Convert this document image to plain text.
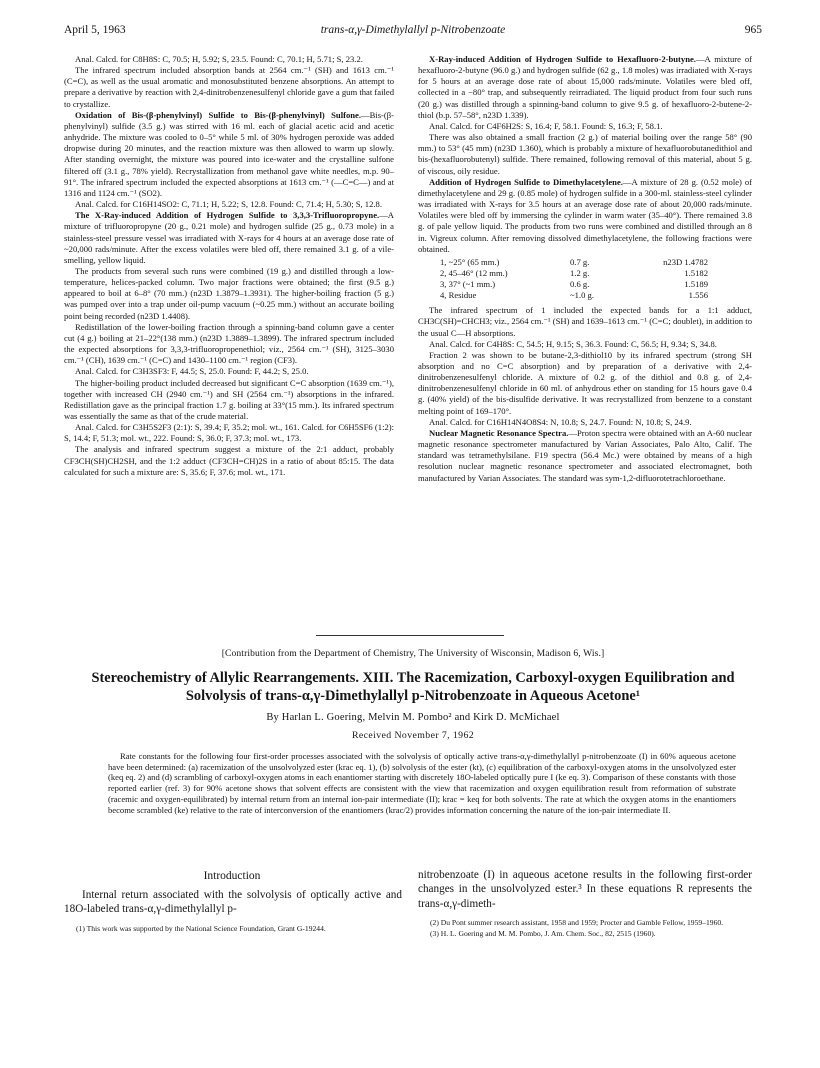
April 5, 1963	trans-α,γ-Dimethylallyl p-Nitrobenzoate	965

Anal. Calcd. for C8H8S: C, 70.5; H, 5.92; S, 23.5. Found: C, 70.1; H, 5.71; S, 23.2.

The infrared spectrum included absorption bands at 2564 cm.⁻¹ (SH) and 1613 cm.⁻¹ (C=C), as well as the usual aromatic and monosubstituted benzene absorptions. An attempt to prepare a derivative by reaction with 2,4-dinitrobenzenesulfenyl chloride gave a gum that failed to crystallize.

Oxidation of Bis-(β-phenylvinyl) Sulfide to Bis-(β-phenylvinyl) Sulfone.—Bis-(β-phenylvinyl) sulfide (3.5 g.) was stirred with 16 ml. each of glacial acetic acid and acetic anhydride. The mixture was cooled to 0–5° while 5 ml. of 30% hydrogen peroxide was added dropwise during 20 minutes, and the reaction mixture was then allowed to warm up slowly. After standing overnight, the mixture was poured into ice-water and the crystalline sulfone filtered off (3.1 g., 78% yield). Recrystallization from methanol gave white needles, m.p. 90–91°. The infrared spectrum included the expected absorptions at 1613 cm.⁻¹ (—C=C—) and at 1316 and 1124 cm.⁻¹ (SO2).

Anal. Calcd. for C16H14SO2: C, 71.1; H, 5.22; S, 12.8. Found: C, 71.4; H, 5.30; S, 12.8.

The X-Ray-induced Addition of Hydrogen Sulfide to 3,3,3-Trifluoropropyne.—A mixture of trifluoropropyne (20 g., 0.21 mole) and hydrogen sulfide (25 g., 0.73 mole) in a stainless-steel pressure vessel was irradiated with X-rays for 4 hours at an average dose rate of ~20,000 rads/minute. After the excess volatiles were bled off, there remained 3.1 g. of a vile-smelling, yellow liquid.

The products from several such runs were combined (19 g.) and distilled through a low-temperature, helices-packed column. Two major fractions were obtained; the first (9.5 g.) appeared to boil at 6–8° (70 mm.) (n23D 1.3879–1.3931). The higher-boiling fraction (5 g.) was pumped over into a trap under oil-pump vacuum (~0.25 mm.) without an accurate boiling point being recorded (n23D 1.4408).

Redistillation of the lower-boiling fraction through a spinning-band column gave a center cut (4 g.) boiling at 21–22°(138 mm.) (n23D 1.3889–1.3899). The infrared spectrum included the expected absorptions for 3,3,3-trifluoropropenethiol; viz., 2564 cm.⁻¹ (SH), 3125–3030 cm.⁻¹ (CH), 1639 cm.⁻¹ (C=C) and 1430–1100 cm.⁻¹ region (CF3).

Anal. Calcd. for C3H3SF3: F, 44.5; S, 25.0. Found: F, 44.2; S, 25.0.

The higher-boiling product included decreased but significant C=C absorption (1639 cm.⁻¹), together with increased CH (2940 cm.⁻¹) and SH (2564 cm.⁻¹) absorptions in the infrared. Redistillation gave as the principal fraction 1.7 g. boiling at 33°(15 mm.). Its infrared spectrum was essentially the same as that of the crude material.

Anal. Calcd. for C3H5S2F3 (2:1): S, 39.4; F, 35.2; mol. wt., 161. Calcd. for C6H5SF6 (1:2): S, 14.4; F, 51.3; mol. wt., 222. Found: S, 36.0; F, 37.3; mol. wt., 173.

The analysis and infrared spectrum suggest a mixture of the 2:1 adduct, probably CF3CH(SH)CH2SH, and the 1:2 adduct (CF3CH=CH)2S in a ratio of about 85:15. The data calculated for such a mixture are: S, 35.6; F, 37.6; mol. wt., 171.

X-Ray-induced Addition of Hydrogen Sulfide to Hexafluoro-2-butyne.—A mixture of hexafluoro-2-butyne (96.0 g.) and hydrogen sulfide (62 g., 1.8 moles) was irradiated with X-rays for 5 hours at an average dose rate of about 15,000 rads/minute. Volatiles were bled off, collected in a −80° trap, and subsequently reirradiated. The liquid product from four such runs (20 g.) was distilled through a spinning-band column to give 9.5 g. of hexafluoro-2-butene-2-thiol (b.p. 57–58°, n23D 1.339).

Anal. Calcd. for C4F6H2S: S, 16.4; F, 58.1. Found: S, 16.3; F, 58.1.

There was also obtained a small fraction (2 g.) of material boiling over the range 58° (90 mm.) to 53° (45 mm) (n23D 1.360), which is probably a mixture of hexafluorobutanedithiol and bis-(hexafluorobutenyl) sulfide. There remained, following removal of this material, about 5 g. of viscous, oily residue.

Addition of Hydrogen Sulfide to Dimethylacetylene.—A mixture of 28 g. (0.52 mole) of dimethylacetylene and 29 g. (0.85 mole) of hydrogen sulfide in a 300-ml. stainless-steel cylinder was irradiated with X-rays for 3.5 hours at an average dose rate of about 20,000 rads/minute. Volatiles were bled off by immersing the cylinder in warm water (35–40°). There remained 3.8 g. of pale yellow liquid. The products from two runs were combined and distilled through an 8 in. Vigreux column. After removing dissolved dimethylacetylene, the following fractions were obtained.

1, ~25° (65 mm.)	0.7 g.	n23D 1.4782
2, 45–46° (12 mm.)	1.2 g.	1.5182
3, 37° (~1 mm.)	0.6 g.	1.5189
4, Residue	~1.0 g.	1.556

The infrared spectrum of 1 included the expected bands for a 1:1 adduct, CH3C(SH)=CHCH3; viz., 2564 cm.⁻¹ (SH) and 1639–1613 cm.⁻¹ (C=C; doublet), in addition to the usual C—H absorptions.

Anal. Calcd. for C4H8S: C, 54.5; H, 9.15; S, 36.3. Found: C, 56.5; H, 9.34; S, 34.8.

Fraction 2 was shown to be butane-2,3-dithiol10 by its infrared spectrum (strong SH absorption and no C=C absorption) and by preparation of a derivative with 2,4-dinitrobenzenesulfenyl chloride. A mixture of 0.2 g. of the dithiol and 0.8 g. of 2,4-dinitrobenzenesulfenyl chloride in 60 ml. of anhydrous ether on standing for 15 hours gave 0.4 g. (40% yield) of the bis-disulfide derivative. It was recrystallized from benzene to a constant melting point of 169–170°.

Anal. Calcd. for C16H14N4O8S4: N, 10.8; S, 24.7. Found: N, 10.8; S, 24.9.

Nuclear Magnetic Resonance Spectra.—Proton spectra were obtained with an A-60 nuclear magnetic resonance spectrometer manufactured by Varian Associates, Palo Alto, Calif. The standard was tetramethylsilane. F19 spectra (56.4 Mc.) were obtained by means of a high resolution nuclear magnetic resonance spectrometer and associated electromagnet, both manufactured by Varian Associates. The standard was sym-1,2-difluorotetrachloroethane.

[Contribution from the Department of Chemistry, The University of Wisconsin, Madison 6, Wis.]
Stereochemistry of Allylic Rearrangements. XIII. The Racemization, Carboxyl-oxygen Equilibration and Solvolysis of trans-α,γ-Dimethylallyl p-Nitrobenzoate in Aqueous Acetone¹
By Harlan L. Goering, Melvin M. Pombo² and Kirk D. McMichael
Received November 7, 1962

Rate constants for the following four first-order processes associated with the solvolysis of optically active trans-α,γ-dimethylallyl p-nitrobenzoate (I) in 60% aqueous acetone have been determined: (a) racemization of the unsolvolyzed ester (krac eq. 1), (b) solvolysis of the ester (kt), (c) equilibration of the carboxyl-oxygen atoms in the unsolvolyzed ester (keq eq. 2) and (d) scrambling of carboxyl-oxygen atoms in each enantiomer starting with discretely 18O-labeled optically pure I (ke eq. 3). Comparison of these constants with those reported earlier (ref. 3) for 90% acetone shows that solvent effects are consistent with the view that racemization and oxygen equilibration result from reformation of substrate (racemic and oxygen-equilibrated) by internal return from an internal ion-pair intermediate (II); krac = keq for both solvents. The rate at which the oxygen atoms in the enantiomers become scrambled (ke) relative to the rate of interconversion of the enantiomers (krac/2) provides information concerning the nature of the ion-pair intermediate II.

Introduction

Internal return associated with the solvolysis of optically active and 18O-labeled trans-α,γ-dimethylallyl p-

nitrobenzoate (I) in aqueous acetone results in the following first-order changes in the unsolvolyzed ester.³ In these equations R represents the trans-α,γ-dimeth-

(1) This work was supported by the National Science Foundation, Grant G-19244.

(2) Du Pont summer research assistant, 1958 and 1959; Procter and Gamble Fellow, 1959–1960.

(3) H. L. Goering and M. M. Pombo, J. Am. Chem. Soc., 82, 2515 (1960).
